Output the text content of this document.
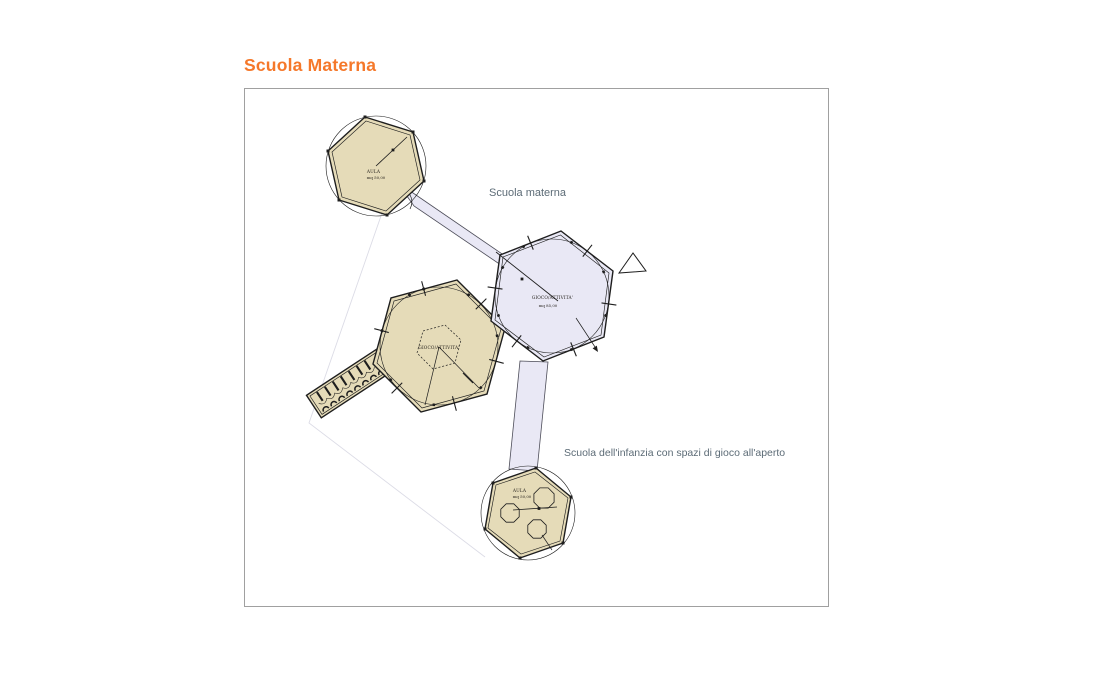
Scuola Materna
GIOCO/ATTIVITA'
GIOCO/ATTIVITA' mq 85,00
AULA mq 50,00
AULA mq 50,00
Scuola materna
Scuola dell'infanzia con spazi di gioco all'aperto
